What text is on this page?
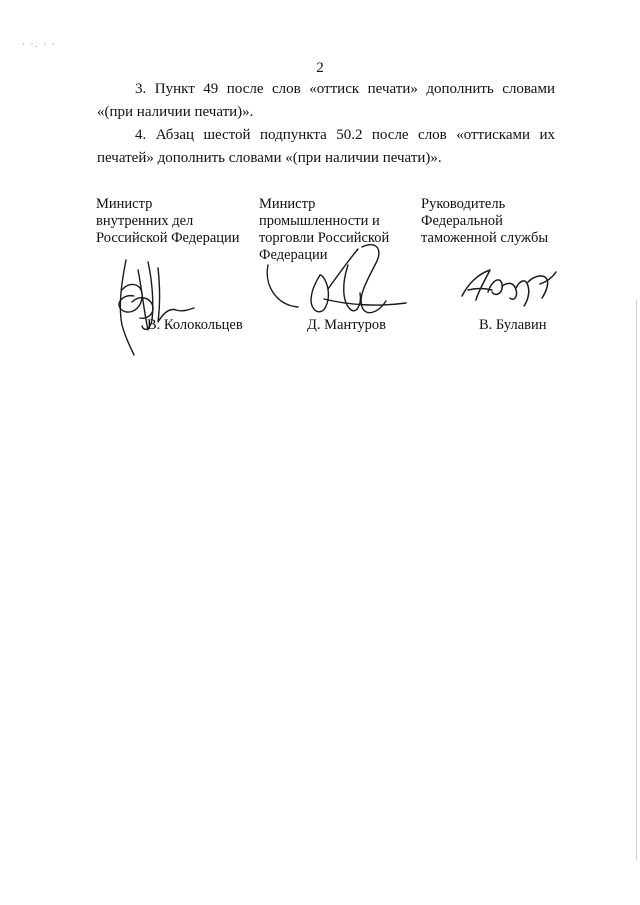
· ·. · ·
2

3. Пункт 49 после слов «оттиск печати» дополнить словами «(при наличии печати)».

4. Абзац шестой подпункта 50.2 после слов «оттисками их печатей» дополнить словами «(при наличии печати)».

Министр
внутренних дел
Российской Федерации
Министр
промышленности и
торговли Российской
Федерации
Руководитель
Федеральной
таможенной службы
В. Колокольцев	Д. Мантуров	В. Булавин
